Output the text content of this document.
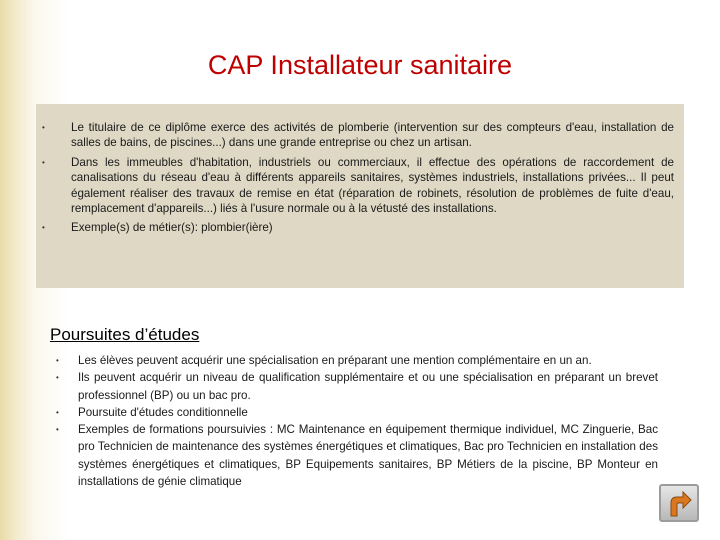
CAP Installateur sanitaire
• Le titulaire de ce diplôme exerce des activités de plomberie (intervention sur des compteurs d'eau, installation de salles de bains, de piscines...) dans une grande entreprise ou chez un artisan.
• Dans les immeubles d'habitation, industriels ou commerciaux, il effectue des opérations de raccordement de canalisations du réseau d'eau à différents appareils sanitaires, systèmes industriels, installations privées... Il peut également réaliser des travaux de remise en état (réparation de robinets, résolution de problèmes de fuite d'eau, remplacement d'appareils...) liés à l'usure normale ou à la vétusté des installations.
• Exemple(s) de métier(s): plombier(ière)
Poursuites d’études
• Les élèves peuvent acquérir une spécialisation en préparant une mention complémentaire en un an.
• Ils peuvent acquérir un niveau de qualification supplémentaire et ou une spécialisation en préparant un brevet professionnel (BP) ou un bac pro.
• Poursuite d'études conditionnelle
• Exemples de formations poursuivies : MC Maintenance en équipement thermique individuel, MC Zinguerie, Bac pro Technicien de maintenance des systèmes énergétiques et climatiques, Bac pro Technicien en installation des systèmes énergétiques et climatiques, BP Equipements sanitaires, BP Métiers de la piscine, BP Monteur en installations de génie climatique
